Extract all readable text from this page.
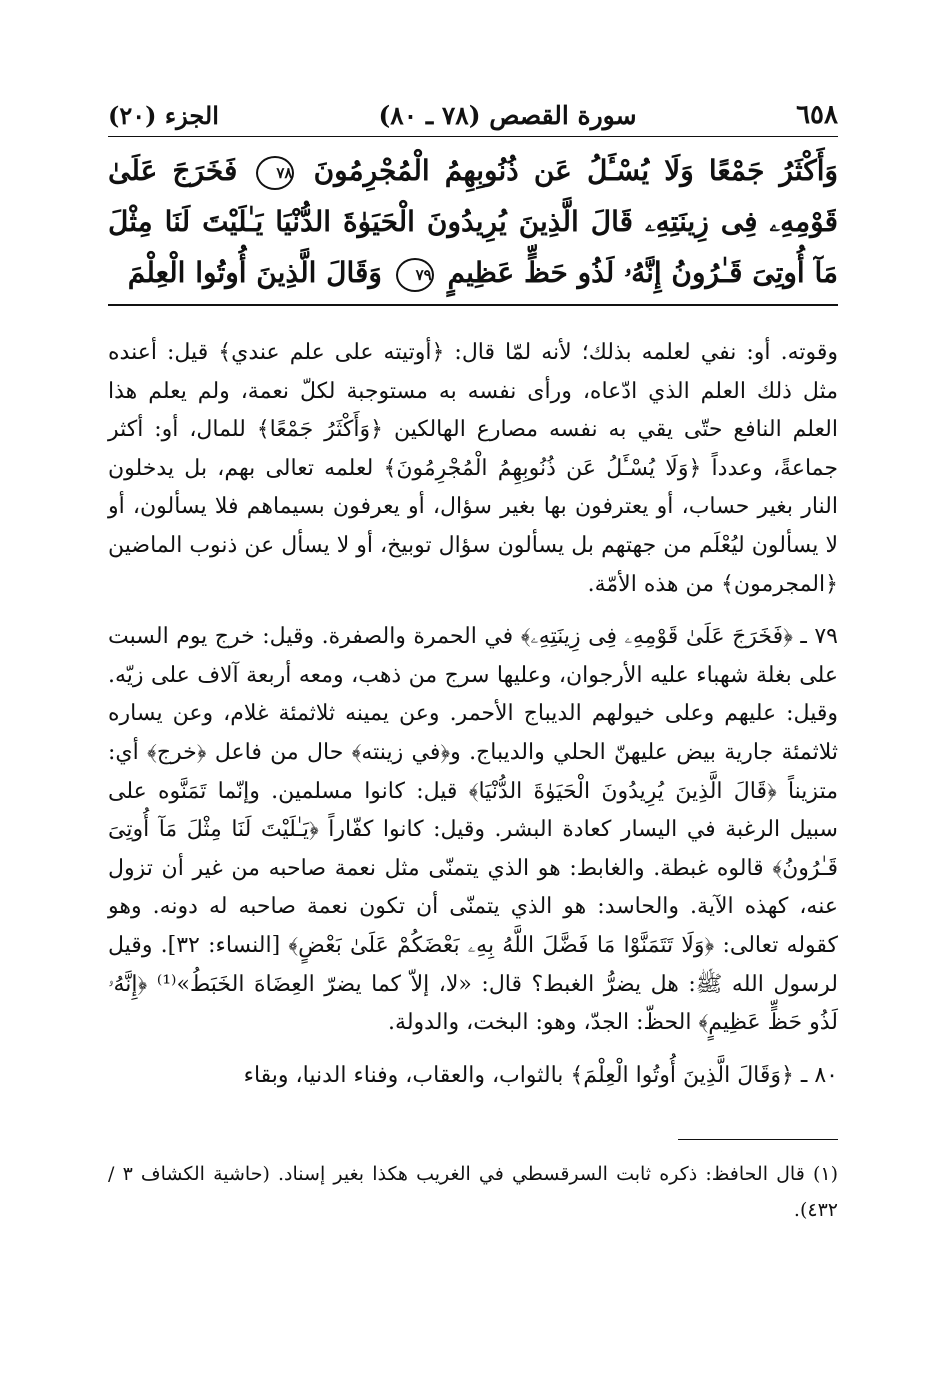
٦٥٨
سورة القصص (٧٨ ـ ٨٠)
الجزء (٢٠)
وَأَكْثَرُ جَمْعًا وَلَا يُسْـَٔلُ عَن ذُنُوبِهِمُ الْمُجْرِمُونَ ٧٨ فَخَرَجَ عَلَىٰ قَوْمِهِۦ فِى زِينَتِهِۦ قَالَ الَّذِينَ يُرِيدُونَ الْحَيَوٰةَ الدُّنْيَا يَـٰلَيْتَ لَنَا مِثْلَ مَآ أُوتِىَ قَـٰرُونُ إِنَّهُۥ لَذُو حَظٍّ عَظِيمٍ ٧٩ وَقَالَ الَّذِينَ أُوتُوا الْعِلْمَ

وقوته. أو: نفي لعلمه بذلك؛ لأنه لمّا قال: ﴿أوتيته على علم عندي﴾ قيل: أعنده مثل ذلك العلم الذي ادّعاه، ورأى نفسه به مستوجبة لكلّ نعمة، ولم يعلم هذا العلم النافع حتّى يقي به نفسه مصارع الهالكين ﴿وَأَكْثَرُ جَمْعًا﴾ للمال، أو: أكثر جماعةً، وعدداً ﴿وَلَا يُسْـَٔلُ عَن ذُنُوبِهِمُ الْمُجْرِمُونَ﴾ لعلمه تعالى بهم، بل يدخلون النار بغير حساب، أو يعترفون بها بغير سؤال، أو يعرفون بسيماهم فلا يسألون، أو لا يسألون ليُعْلَم من جهتهم بل يسألون سؤال توبيخ، أو لا يسأل عن ذنوب الماضين ﴿المجرمون﴾ من هذه الأمّة.

٧٩ ـ ﴿فَخَرَجَ عَلَىٰ قَوْمِهِۦ فِى زِينَتِهِۦ﴾ في الحمرة والصفرة. وقيل: خرج يوم السبت على بغلة شهباء عليه الأرجوان، وعليها سرج من ذهب، ومعه أربعة آلاف على زيّه. وقيل: عليهم وعلى خيولهم الديباج الأحمر. وعن يمينه ثلاثمئة غلام، وعن يساره ثلاثمئة جارية بيض عليهنّ الحلي والديباج. و﴿في زينته﴾ حال من فاعل ﴿خرج﴾ أي: متزيناً ﴿قَالَ الَّذِينَ يُرِيدُونَ الْحَيَوٰةَ الدُّنْيَا﴾ قيل: كانوا مسلمين. وإنّما تَمَنَّوه على سبيل الرغبة في اليسار كعادة البشر. وقيل: كانوا كفّاراً ﴿يَـٰلَيْتَ لَنَا مِثْلَ مَآ أُوتِىَ قَـٰرُونُ﴾ قالوه غبطة. والغابط: هو الذي يتمنّى مثل نعمة صاحبه من غير أن تزول عنه، كهذه الآية. والحاسد: هو الذي يتمنّى أن تكون نعمة صاحبه له دونه. وهو كقوله تعالى: ﴿وَلَا تَتَمَنَّوْا مَا فَضَّلَ اللَّهُ بِهِۦ بَعْضَكُمْ عَلَىٰ بَعْضٍ﴾ [النساء: ٣٢]. وقيل لرسول الله ﷺ: هل يضرُّ الغبط؟ قال: «لا، إلاّ كما يضرّ العِضَاهَ الخَبَطُ»⁽¹⁾ ﴿إِنَّهُۥ لَذُو حَظٍّ عَظِيمٍ﴾ الحظّ: الجدّ، وهو: البخت، والدولة.

٨٠ ـ ﴿وَقَالَ الَّذِينَ أُوتُوا الْعِلْمَ﴾ بالثواب، والعقاب، وفناء الدنيا، وبقاء

(١) قال الحافظ: ذكره ثابت السرقسطي في الغريب هكذا بغير إسناد. (حاشية الكشاف ٣ / ٤٣٢).
